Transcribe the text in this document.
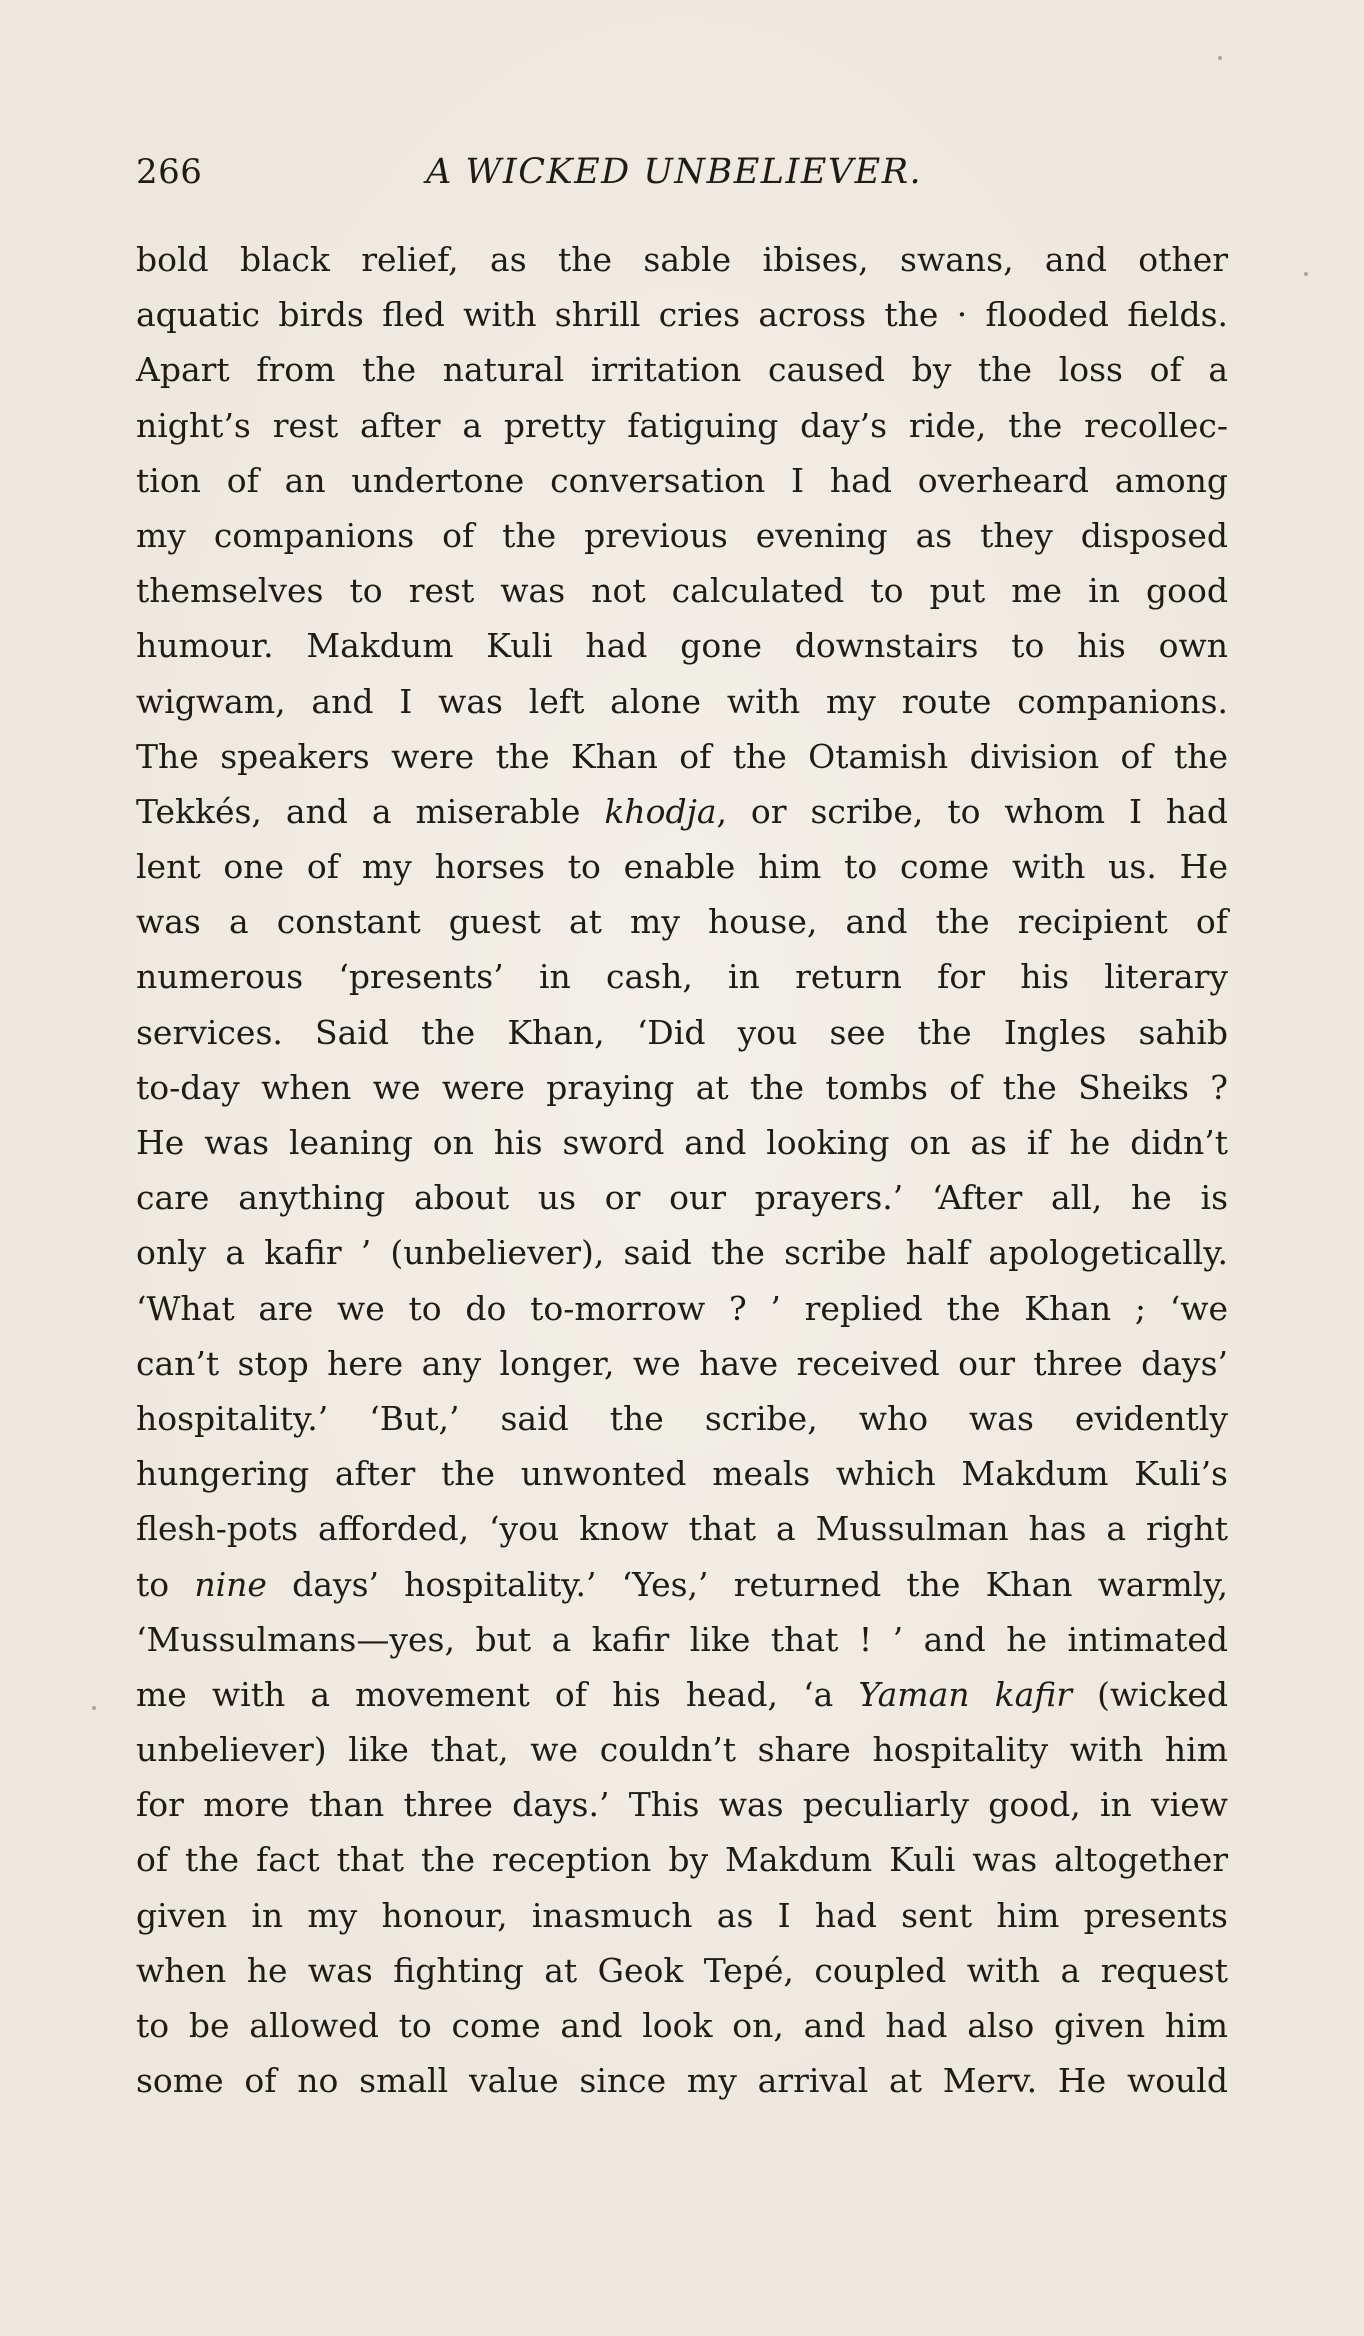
266	A WICKED UNBELIEVER.
bold black relief, as the sable ibises, swans, and other
aquatic birds fled with shrill cries across the · flooded fields.
Apart from the natural irritation caused by the loss of a
night’s rest after a pretty fatiguing day’s ride, the recollec-
tion of an undertone conversation I had overheard among
my companions of the previous evening as they disposed
themselves to rest was not calculated to put me in good
humour. Makdum Kuli had gone downstairs to his own
wigwam, and I was left alone with my route companions.
The speakers were the Khan of the Otamish division of the
Tekkés, and a miserable khodja, or scribe, to whom I had
lent one of my horses to enable him to come with us. He
was a constant guest at my house, and the recipient of
numerous ‘presents’ in cash, in return for his literary
services. Said the Khan, ‘Did you see the Ingles sahib
to-day when we were praying at the tombs of the Sheiks ?
He was leaning on his sword and looking on as if he didn’t
care anything about us or our prayers.’ ‘After all, he is
only a kafir ’ (unbeliever), said the scribe half apologetically.
‘What are we to do to-morrow ? ’ replied the Khan ; ‘we
can’t stop here any longer, we have received our three days’
hospitality.’ ‘But,’ said the scribe, who was evidently
hungering after the unwonted meals which Makdum Kuli’s
flesh-pots afforded, ‘you know that a Mussulman has a right
to nine days’ hospitality.’ ‘Yes,’ returned the Khan warmly,
‘Mussulmans—yes, but a kafir like that ! ’ and he intimated
me with a movement of his head, ‘a Yaman kafir (wicked
unbeliever) like that, we couldn’t share hospitality with him
for more than three days.’ This was peculiarly good, in view
of the fact that the reception by Makdum Kuli was altogether
given in my honour, inasmuch as I had sent him presents
when he was fighting at Geok Tepé, coupled with a request
to be allowed to come and look on, and had also given him
some of no small value since my arrival at Merv. He would
